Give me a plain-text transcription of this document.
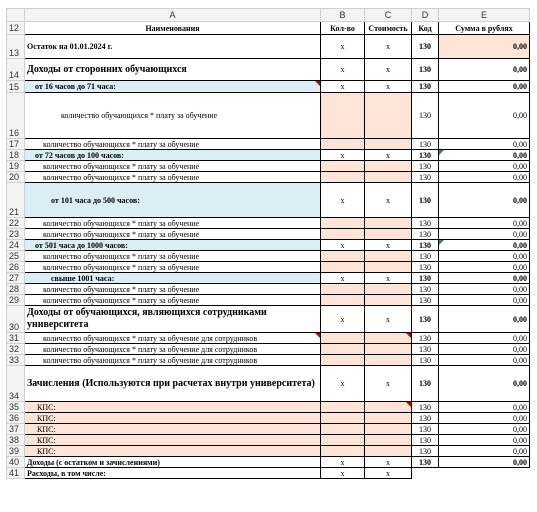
	A	B	C	D	E
12	Наименования	Кол-во	Стоимость	Код	Сумма в рублях
13	Остаток на 01.01.2024 г.	x	x	130	0,00
14	Доходы от сторонних обучающихся	x	x	130	0,00
15	от 16 часов до 71 часа:	x	x	130	0,00
16	количество обучающихся * плату за обучение			130	0,00
17	количество обучающихся * плату за обучение			130	0,00
18	от 72 часов до 100 часов:	x	x	130	0,00
19	количество обучающихся * плату за обучение			130	0,00
20	количество обучающихся * плату за обучение			130	0,00
21	от 101 часа до 500 часов:	x	x	130	0,00
22	количество обучающихся * плату за обучение			130	0,00
23	количество обучающихся * плату за обучение			130	0,00
24	от 501 часа до 1000 часов:	x	x	130	0,00
25	количество обучающихся * плату за обучение			130	0,00
26	количество обучающихся * плату за обучение			130	0,00
27	свыше 1001 часа:	x	x	130	0,00
28	количество обучающихся * плату за обучение			130	0,00
29	количество обучающихся * плату за обучение			130	0,00
30	Доходы от обучающихся, являющихся сотрудниками университета	x	x	130	0,00
31	количество обучающихся * плату за обучение для сотрудников			130	0,00
32	количество обучающихся * плату за обучение для сотрудников			130	0,00
33	количество обучающихся * плату за обучение для сотрудников			130	0,00
34	Зачисления (Используются при расчетах внутри университета)	x	x	130	0,00
35	КПС:			130	0,00
36	КПС:			130	0,00
37	КПС:			130	0,00
38	КПС:			130	0,00
39	КПС:			130	0,00
40	Доходы (с остатком и зачислениями)	x	x	130	0,00
41	Расходы, в том числе:	x	x		
